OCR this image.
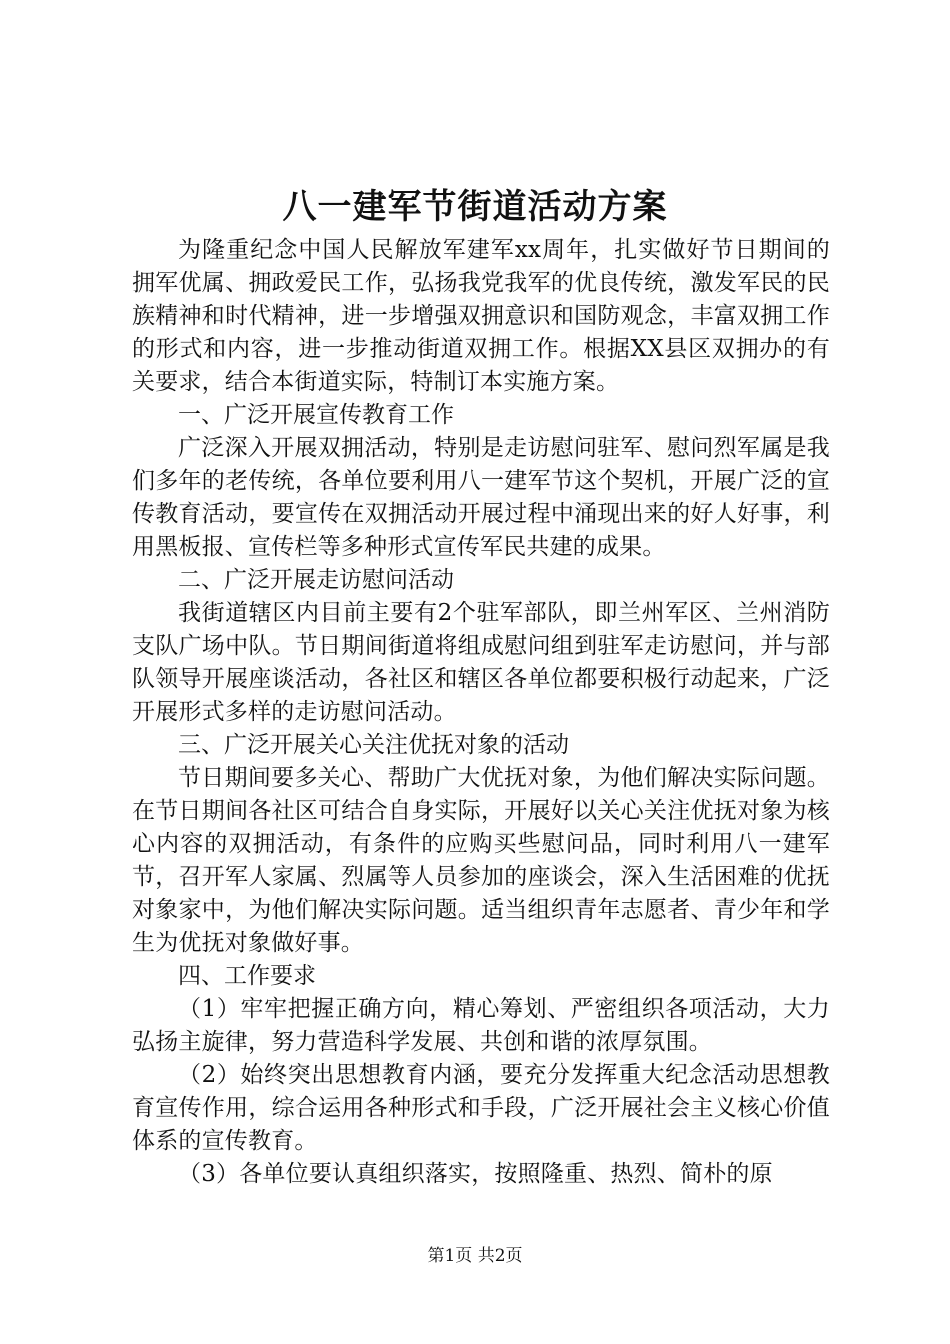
八一建军节街道活动方案

为隆重纪念中国人民解放军建军xx周年，扎实做好节日期间的拥军优属、拥政爱民工作，弘扬我党我军的优良传统，激发军民的民族精神和时代精神，进一步增强双拥意识和国防观念，丰富双拥工作的形式和内容，进一步推动街道双拥工作。根据XX县区双拥办的有关要求，结合本街道实际，特制订本实施方案。

一、广泛开展宣传教育工作

广泛深入开展双拥活动，特别是走访慰问驻军、慰问烈军属是我们多年的老传统，各单位要利用八一建军节这个契机，开展广泛的宣传教育活动，要宣传在双拥活动开展过程中涌现出来的好人好事，利用黑板报、宣传栏等多种形式宣传军民共建的成果。

二、广泛开展走访慰问活动

我街道辖区内目前主要有2个驻军部队，即兰州军区、兰州消防支队广场中队。节日期间街道将组成慰问组到驻军走访慰问，并与部队领导开展座谈活动，各社区和辖区各单位都要积极行动起来，广泛开展形式多样的走访慰问活动。

三、广泛开展关心关注优抚对象的活动

节日期间要多关心、帮助广大优抚对象，为他们解决实际问题。在节日期间各社区可结合自身实际，开展好以关心关注优抚对象为核心内容的双拥活动，有条件的应购买些慰问品，同时利用八一建军节，召开军人家属、烈属等人员参加的座谈会，深入生活困难的优抚对象家中，为他们解决实际问题。适当组织青年志愿者、青少年和学生为优抚对象做好事。

四、工作要求

（1）牢牢把握正确方向，精心筹划、严密组织各项活动，大力弘扬主旋律，努力营造科学发展、共创和谐的浓厚氛围。

（2）始终突出思想教育内涵，要充分发挥重大纪念活动思想教育宣传作用，综合运用各种形式和手段，广泛开展社会主义核心价值体系的宣传教育。

（3）各单位要认真组织落实，按照隆重、热烈、简朴的原

第1页 共2页
